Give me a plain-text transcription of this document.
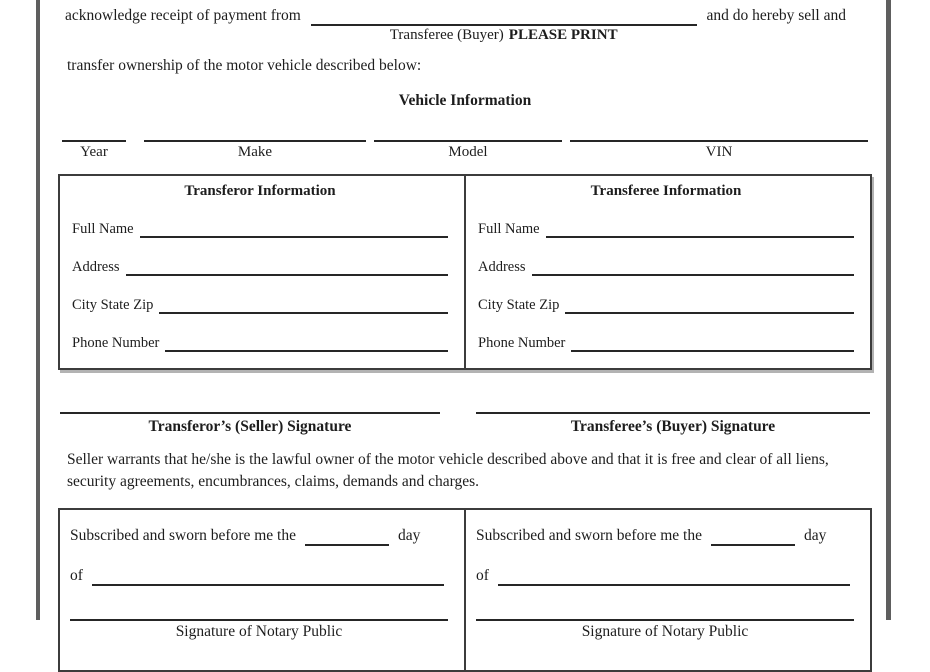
acknowledge receipt of payment from
Transferee (Buyer) PLEASE PRINT
and do hereby sell and
transfer ownership of the motor vehicle described below:
Vehicle Information
Year	Make	Model	VIN
Transferor Information
Full Name
Address
City State Zip
Phone Number
Transferee Information
Full Name
Address
City State Zip
Phone Number
Transferor’s (Seller) Signature	Transferee’s (Buyer) Signature
Seller warrants that he/she is the lawful owner of the motor vehicle described above and that it is free and clear of all liens, security agreements, encumbrances, claims, demands and charges.
Subscribed and sworn before me the	day
of
Signature of Notary Public
Subscribed and sworn before me the	day
of
Signature of Notary Public
